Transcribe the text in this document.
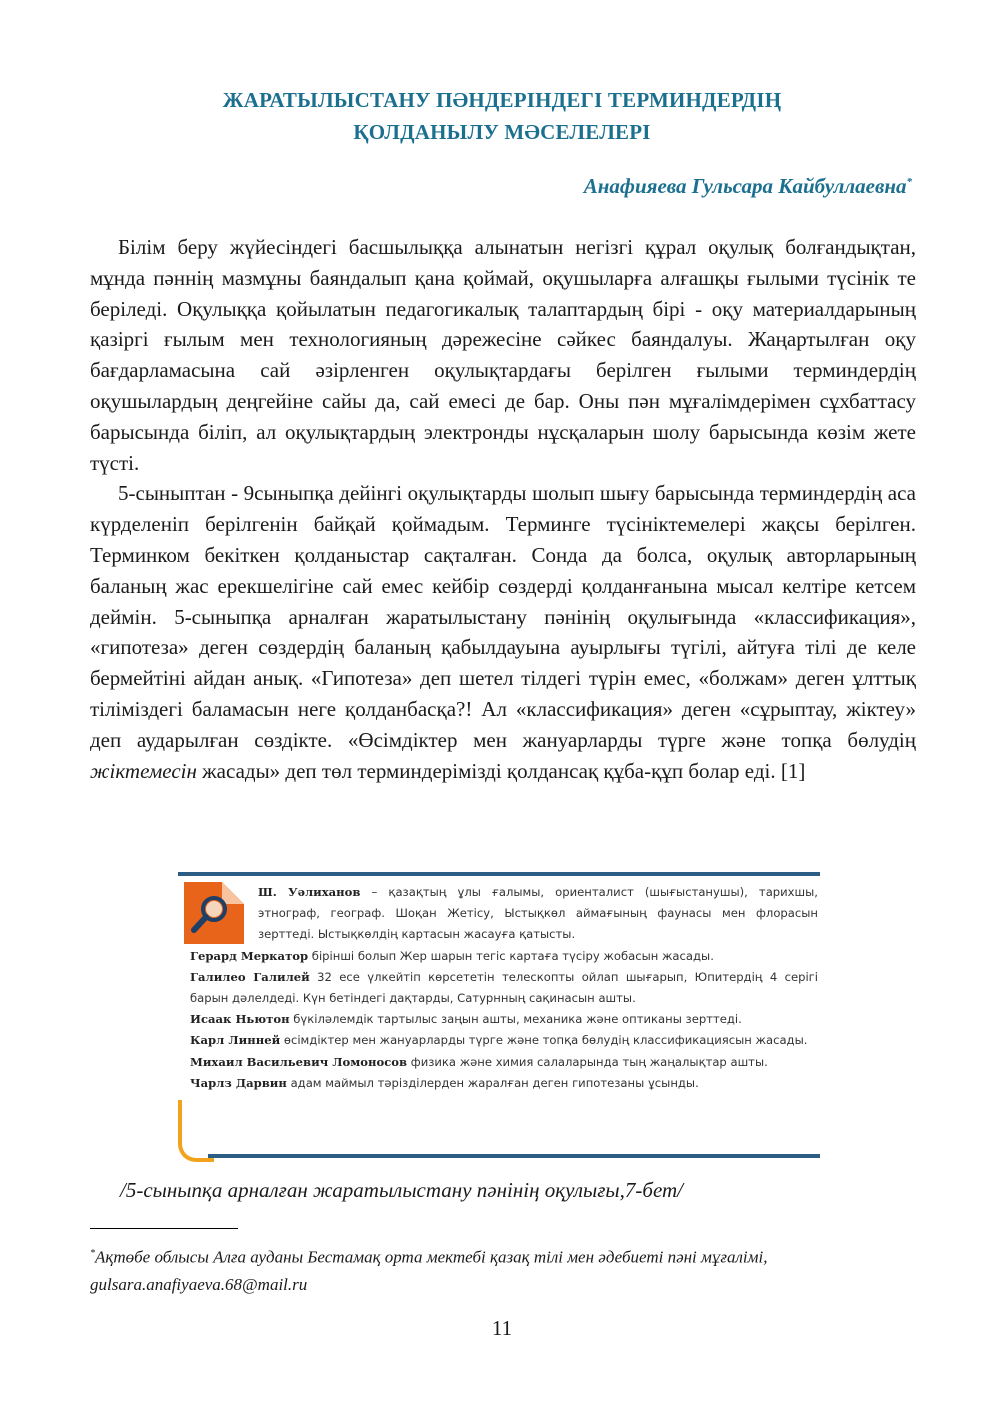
ЖАРАТЫЛЫСТАНУ ПӘНДЕРІНДЕГІ ТЕРМИНДЕРДІҢ
ҚОЛДАНЫЛУ МӘСЕЛЕЛЕРІ
Анафияева Гульсара Кайбуллаевна*

Білім беру жүйесіндегі басшылыққа алынатын негізгі құрал оқулық болғандықтан, мұнда пәннің мазмұны баяндалып қана қоймай, оқушыларға алғашқы ғылыми түсінік те беріледі. Оқулыққа қойылатын педагогикалық талаптардың бірі - оқу материалдарының қазіргі ғылым мен технологияның дәрежесіне сәйкес баяндалуы. Жаңартылған оқу бағдарламасына сай әзірленген оқулықтардағы берілген ғылыми терминдердің оқушылардың деңгейіне сайы да, сай емесі де бар. Оны пән мұғалімдерімен сұхбаттасу барысында біліп, ал оқулықтардың электронды нұсқаларын шолу барысында көзім жете түсті.

5-сыныптан - 9сыныпқа дейінгі оқулықтарды шолып шығу барысында терминдердің аса күрделеніп берілгенін байқай қоймадым. Терминге түсініктемелері жақсы берілген. Терминком бекіткен қолданыстар сақталған. Сонда да болса, оқулық авторларының баланың жас ерекшелігіне сай емес кейбір сөздерді қолданғанына мысал келтіре кетсем деймін. 5-сыныпқа арналған жаратылыстану пәнінің оқулығында «классификация», «гипотеза» деген сөздердің баланың қабылдауына ауырлығы түгілі, айтуға тілі де келе бермейтіні айдан анық. «Гипотеза» деп шетел тілдегі түрін емес, «болжам» деген ұлттық тіліміздегі баламасын неге қолданбасқа?! Ал «классификация» деген «сұрыптау, жіктеу» деп аударылған сөздікте. «Өсімдіктер мен жануарларды түрге және топқа бөлудің жіктемесін жасады» деп төл терминдерімізді қолдансақ құба-құп болар еді. [1]

Ш. Уәлиханов – қазақтың ұлы ғалымы, ориенталист (шығыстанушы), тарихшы, этнограф, географ. Шоқан Жетісу, Ыстықкөл аймағының фаунасы мен флорасын зерттеді. Ыстықкөлдің картасын жасауға қатысты.

Герард Меркатор бірінші болып Жер шарын тегіс картаға түсіру жобасын жасады.

Галилео Галилей 32 есе үлкейтіп көрсететін телескопты ойлап шығарып, Юпитердің 4 серігі барын дәлелдеді. Күн бетіндегі дақтарды, Сатурнның сақинасын ашты.

Исаак Ньютон бүкіләлемдік тартылыс заңын ашты, механика және оптиканы зерттеді.

Карл Линней өсімдіктер мен жануарларды түрге және топқа бөлудің классификациясын жасады.

Михаил Васильевич Ломоносов физика және химия салаларында тың жаңалықтар ашты.

Чарлз Дарвин адам маймыл тәрізділерден жаралған деген гипотезаны ұсынды.

/5-сыныпқа арналған жаратылыстану пәнінің оқулығы,7-бет/
*Ақтөбе облысы Алға ауданы Бестамақ орта мектебі қазақ тілі мен әдебиеті пәні мұғалімі,
gulsara.anafiyaeva.68@mail.ru
11
